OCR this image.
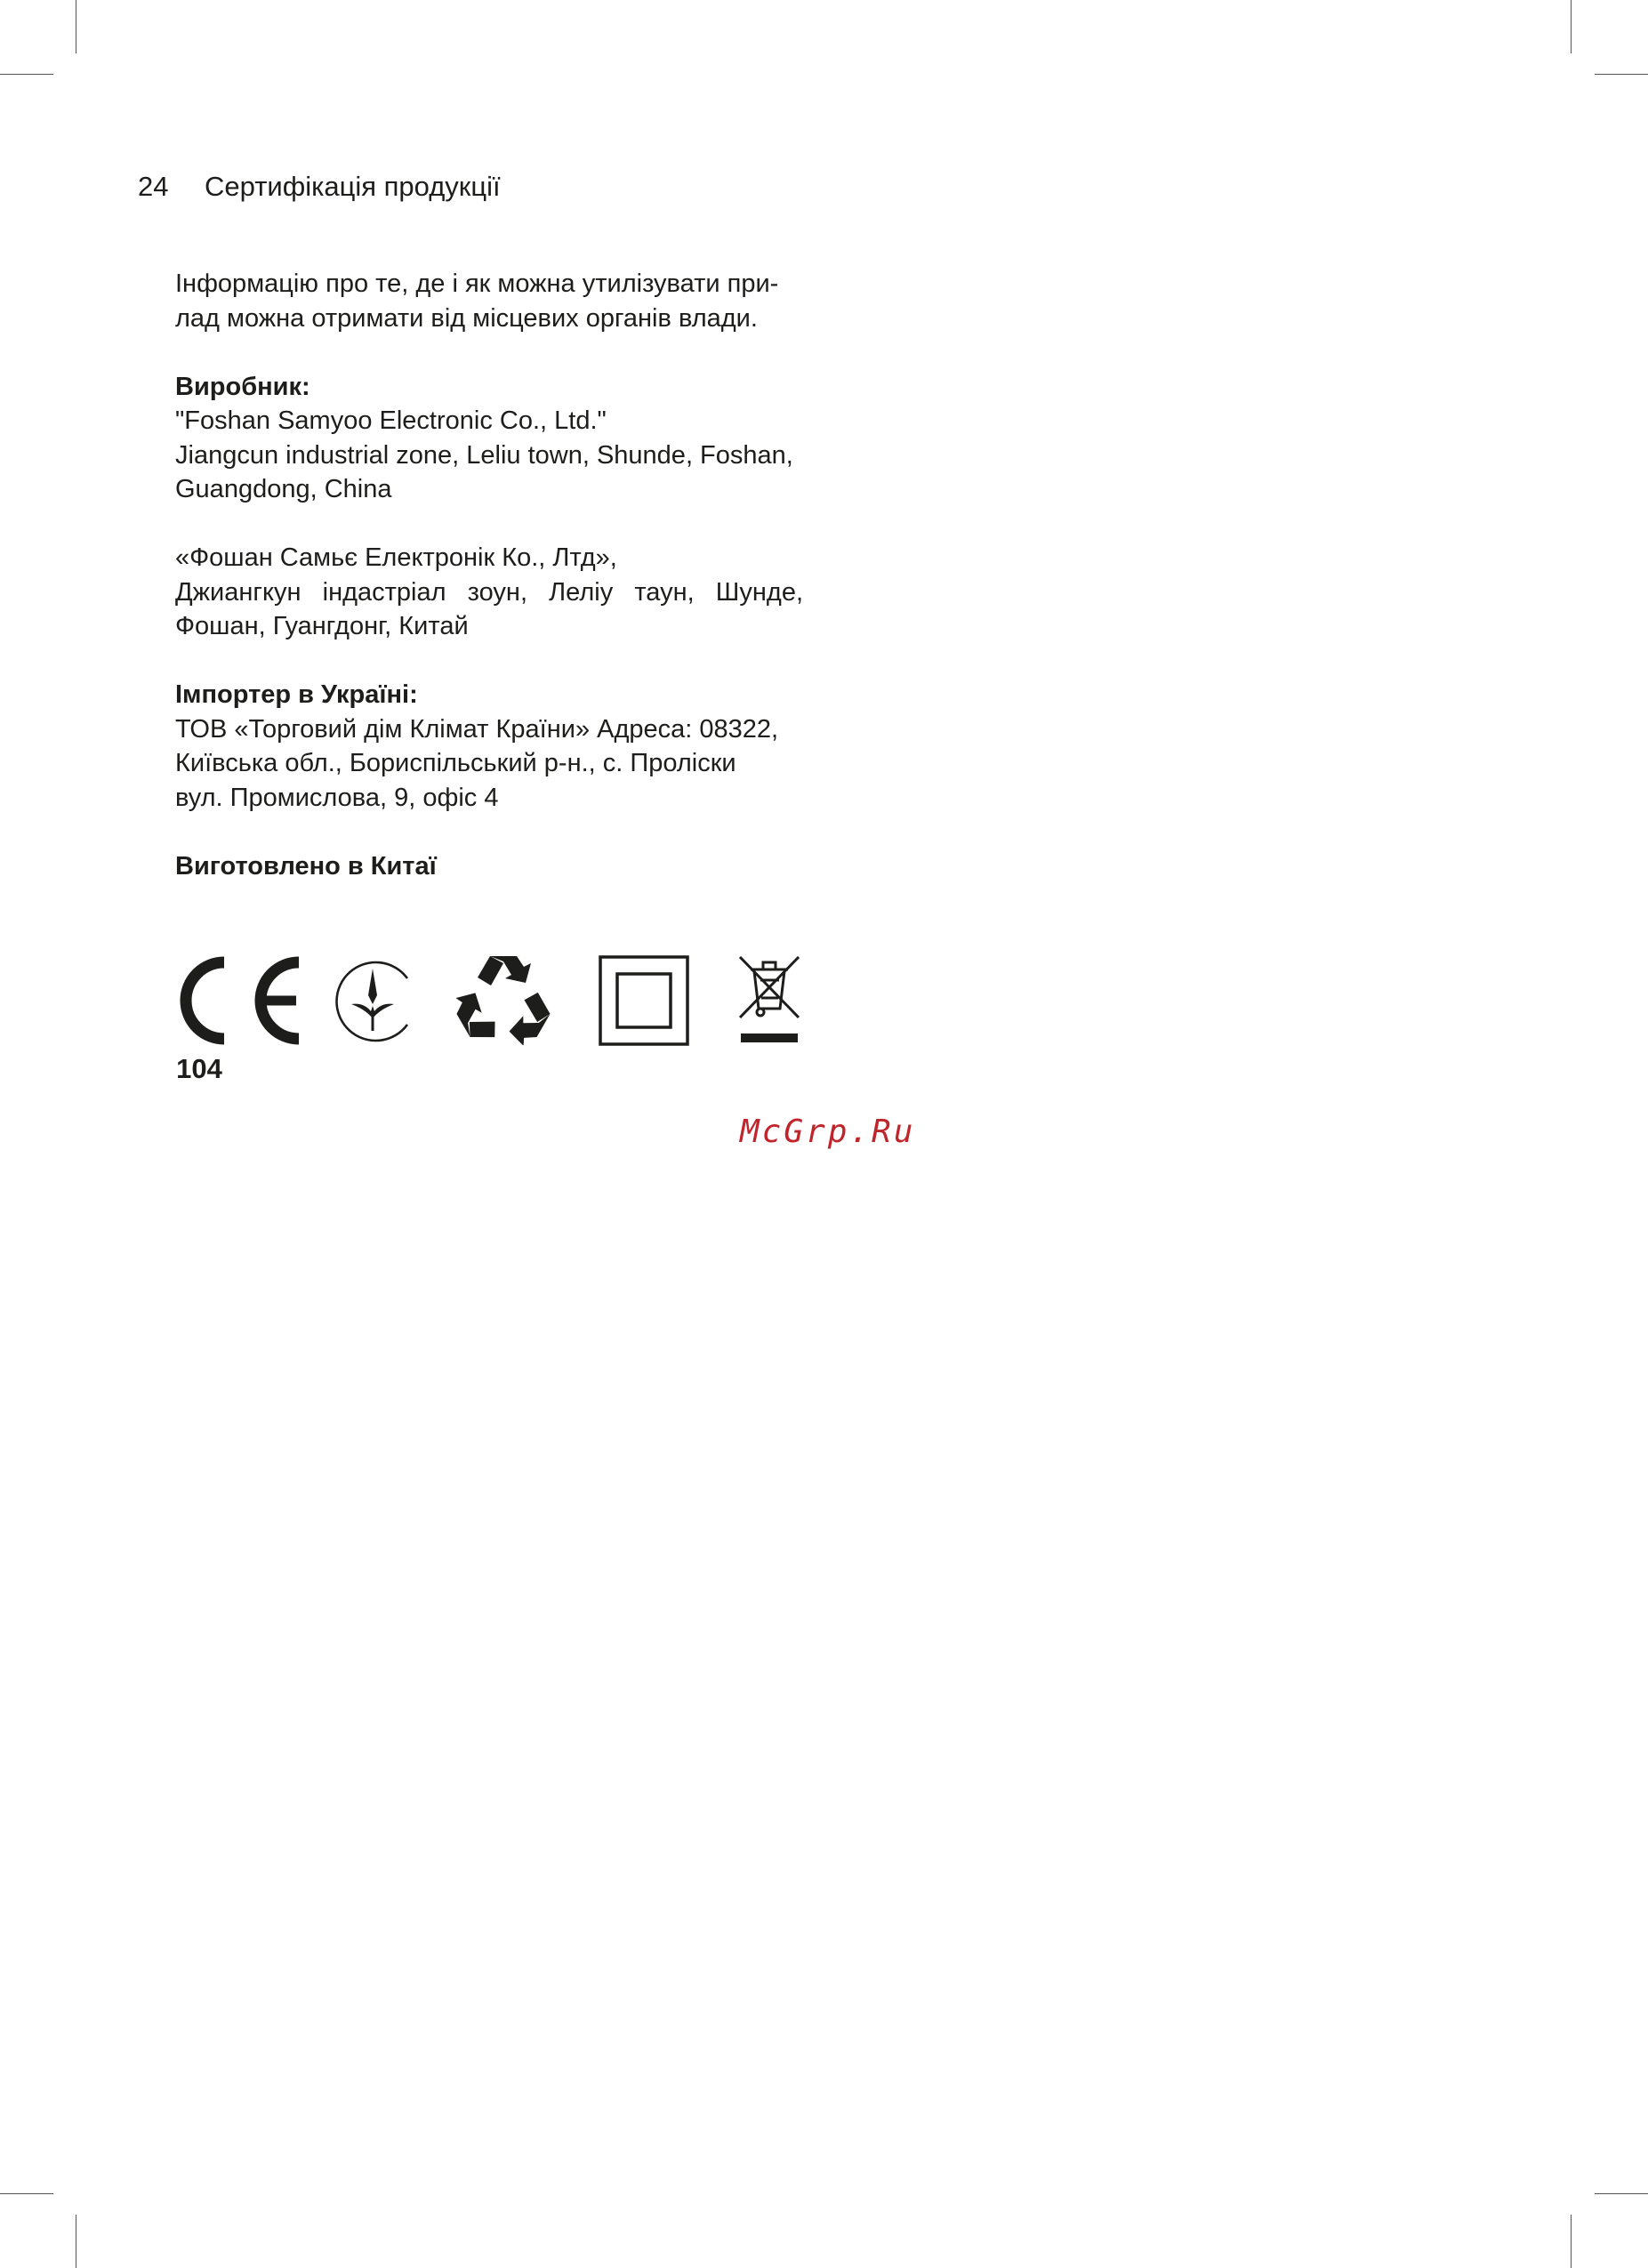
24 Сертифікація продукції

Інформацію про те, де і як можна утилізувати при-

лад можна отримати від місцевих органів влади.

Виробник:

"Foshan Samyoo Electronic Co., Ltd."

Jiangcun industrial zone, Leliu town, Shunde, Foshan,

Guangdong, China

«Фошан Самьє Електронік Ко., Лтд»,

Джиангкун індастріал зоун, Леліу таун, Шунде,

Фошан, Гуангдонг, Китай

Імпортер в Україні:

ТОВ «Торговий дім Клімат Країни» Адреса: 08322,

Київська обл., Бориспільський р-н., с. Пролiски

вул. Промислова, 9, офіс 4

Виготовлено в Китаї

104
McGrp.Ru
